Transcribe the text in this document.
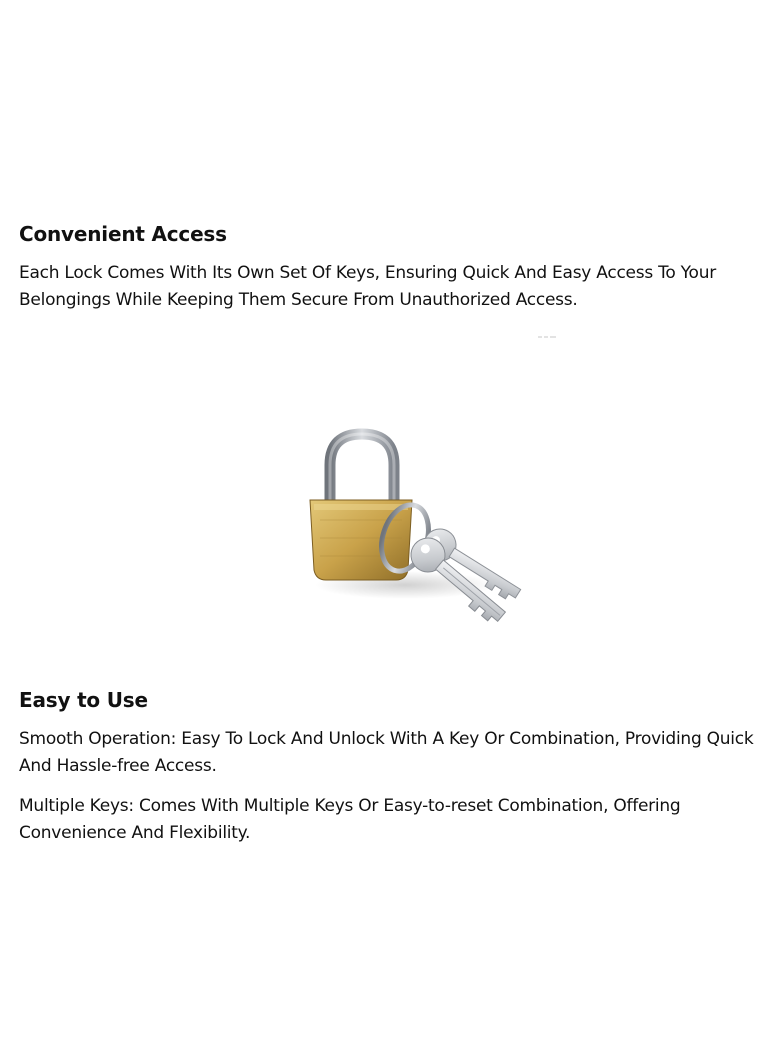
Convenient Access

Each Lock Comes With Its Own Set Of Keys, Ensuring Quick And Easy Access To Your Belongings While Keeping Them Secure From Unauthorized Access.

Easy to Use

Smooth Operation: Easy To Lock And Unlock With A Key Or Combination, Providing Quick And Hassle-free Access.

Multiple Keys: Comes With Multiple Keys Or Easy-to-reset Combination, Offering Convenience And Flexibility.
